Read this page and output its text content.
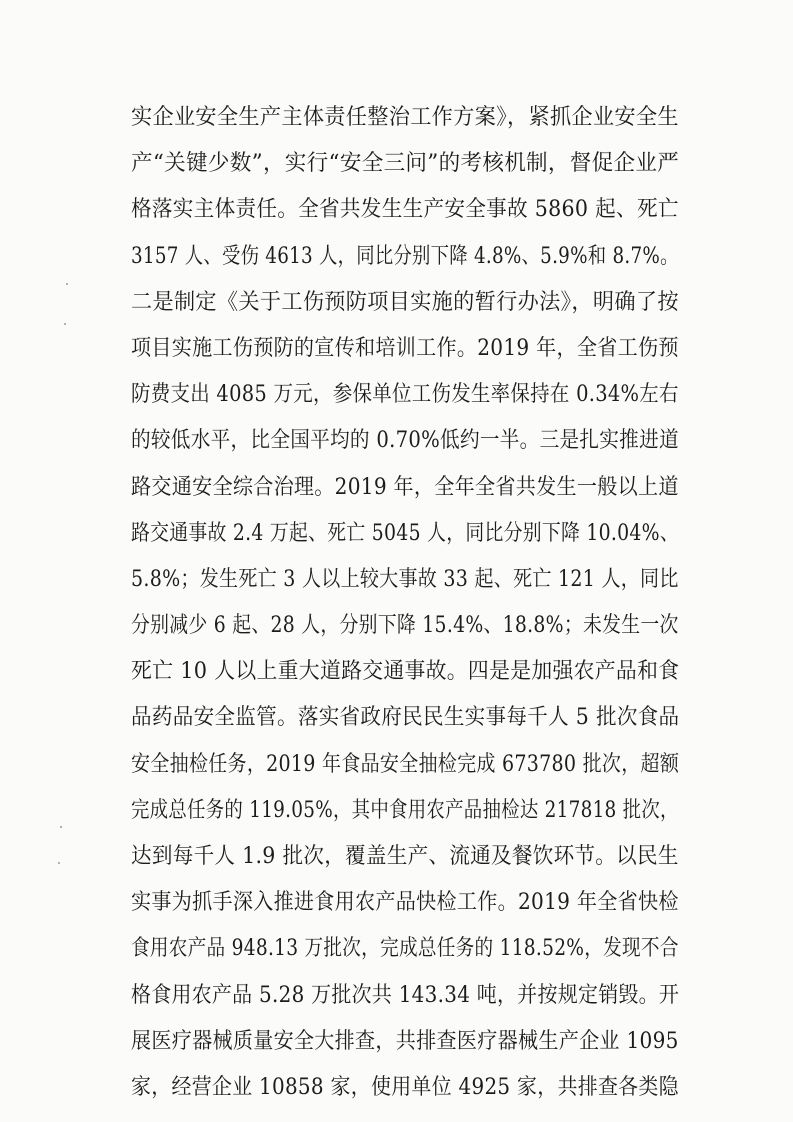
实企业安全生产主体责任整治工作方案》，紧抓企业安全生
产“关键少数”，实行“安全三问”的考核机制，督促企业严
格落实主体责任。全省共发生生产安全事故 5860 起、死亡
3157 人、受伤 4613 人，同比分别下降 4.8%、5.9%和 8.7%。
二是制定《关于工伤预防项目实施的暂行办法》，明确了按
项目实施工伤预防的宣传和培训工作。2019 年，全省工伤预
防费支出 4085 万元，参保单位工伤发生率保持在 0.34%左右
的较低水平，比全国平均的 0.70%低约一半。三是扎实推进道
路交通安全综合治理。2019 年，全年全省共发生一般以上道
路交通事故 2.4 万起、死亡 5045 人，同比分别下降 10.04%、
5.8%；发生死亡 3 人以上较大事故 33 起、死亡 121 人，同比
分别减少 6 起、28 人，分别下降 15.4%、18.8%；未发生一次
死亡 10 人以上重大道路交通事故。四是是加强农产品和食
品药品安全监管。落实省政府民民生实事每千人 5 批次食品
安全抽检任务，2019 年食品安全抽检完成 673780 批次，超额
完成总任务的 119.05%，其中食用农产品抽检达 217818 批次，
达到每千人 1.9 批次，覆盖生产、流通及餐饮环节。以民生
实事为抓手深入推进食用农产品快检工作。2019 年全省快检
食用农产品 948.13 万批次，完成总任务的 118.52%，发现不合
格食用农产品 5.28 万批次共 143.34 吨，并按规定销毁。开
展医疗器械质量安全大排查，共排查医疗器械生产企业 1095
家，经营企业 10858 家，使用单位 4925 家，共排查各类隐
